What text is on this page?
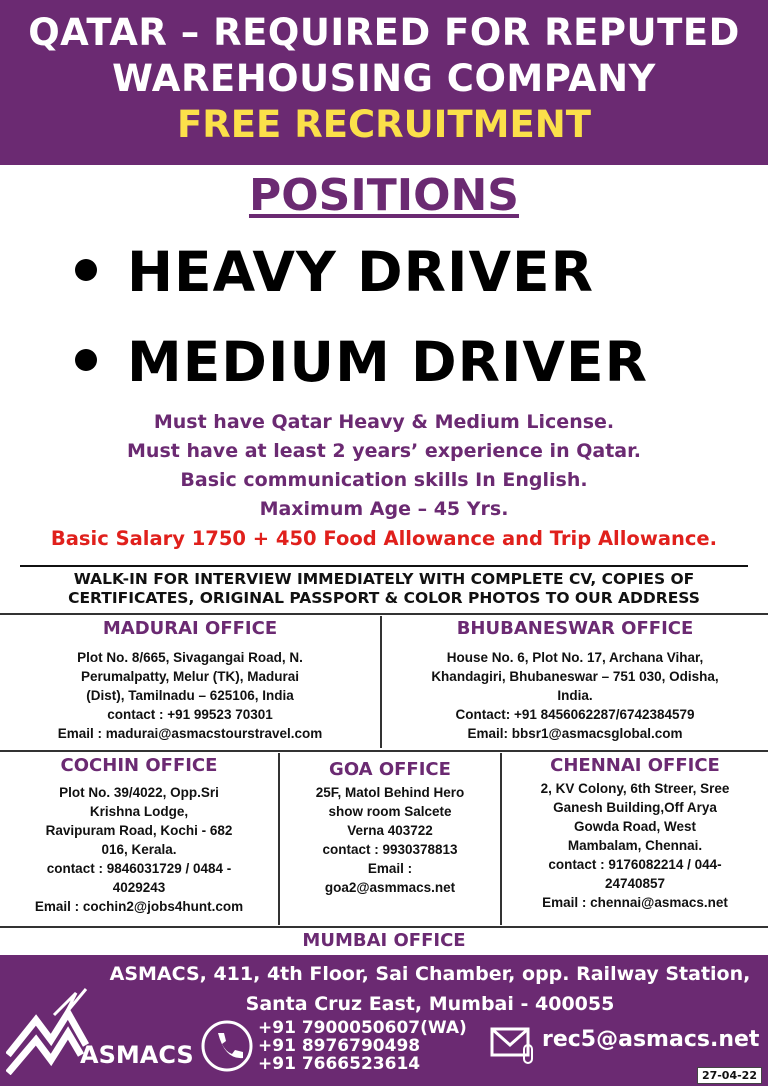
QATAR – REQUIRED FOR REPUTED
WAREHOUSING COMPANY
FREE RECRUITMENT
POSITIONS
HEAVY DRIVER
MEDIUM DRIVER
Must have Qatar Heavy & Medium License.
Must have at least 2 years’ experience in Qatar.
Basic communication skills In English.
Maximum Age – 45 Yrs.
Basic Salary 1750 + 450 Food Allowance and Trip Allowance.
WALK-IN FOR INTERVIEW IMMEDIATELY WITH COMPLETE CV, COPIES OF
CERTIFICATES, ORIGINAL PASSPORT & COLOR PHOTOS TO OUR ADDRESS
MADURAI OFFICE
Plot No. 8/665, Sivagangai Road, N.
Perumalpatty, Melur (TK), Madurai
(Dist), Tamilnadu – 625106, India
contact : +91 99523 70301
Email : madurai@asmacstourstravel.com
BHUBANESWAR OFFICE
House No. 6, Plot No. 17, Archana Vihar,
Khandagiri, Bhubaneswar – 751 030, Odisha,
India.
Contact: +91 8456062287/6742384579
Email: bbsr1@asmacsglobal.com
COCHIN OFFICE
Plot No. 39/4022, Opp.Sri
Krishna Lodge,
Ravipuram Road, Kochi - 682
016, Kerala.
contact : 9846031729 / 0484 -
4029243
Email : cochin2@jobs4hunt.com
GOA OFFICE
25F, Matol Behind Hero
show room Salcete
Verna 403722
contact : 9930378813
Email :
goa2@asmmacs.net
CHENNAI OFFICE
2, KV Colony, 6th Streer, Sree
Ganesh Building,Off Arya
Gowda Road, West
Mambalam, Chennai.
contact : 9176082214 / 044-
24740857
Email : chennai@asmacs.net
MUMBAI OFFICE
ASMACS, 411, 4th Floor, Sai Chamber, opp. Railway Station,
Santa Cruz East, Mumbai - 400055
ASMACS
+91 7900050607(WA)
+91 8976790498
+91 7666523614
rec5@asmacs.net
27-04-22
